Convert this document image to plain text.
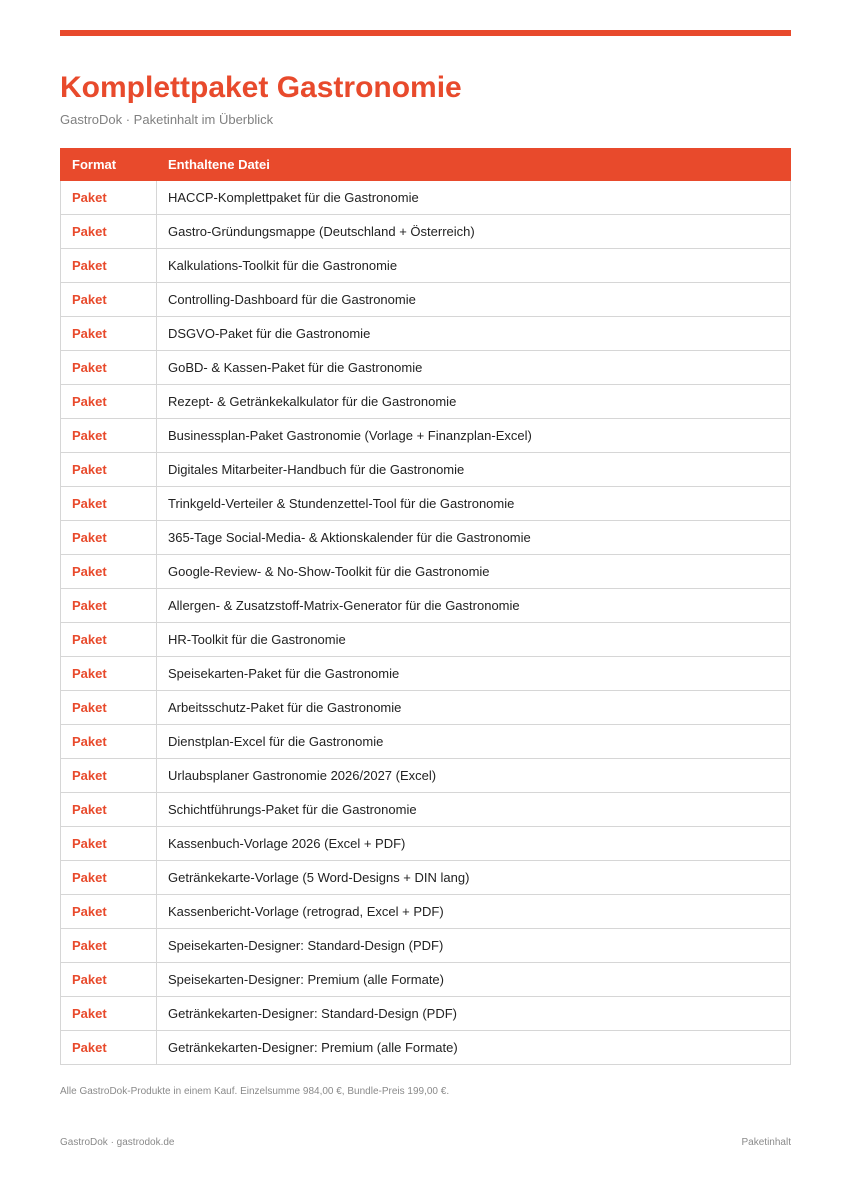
Komplettpaket Gastronomie
GastroDok · Paketinhalt im Überblick
Format	Enthaltene Datei
Paket	HACCP-Komplettpaket für die Gastronomie
Paket	Gastro-Gründungsmappe (Deutschland + Österreich)
Paket	Kalkulations-Toolkit für die Gastronomie
Paket	Controlling-Dashboard für die Gastronomie
Paket	DSGVO-Paket für die Gastronomie
Paket	GoBD- & Kassen-Paket für die Gastronomie
Paket	Rezept- & Getränkekalkulator für die Gastronomie
Paket	Businessplan-Paket Gastronomie (Vorlage + Finanzplan-Excel)
Paket	Digitales Mitarbeiter-Handbuch für die Gastronomie
Paket	Trinkgeld-Verteiler & Stundenzettel-Tool für die Gastronomie
Paket	365-Tage Social-Media- & Aktionskalender für die Gastronomie
Paket	Google-Review- & No-Show-Toolkit für die Gastronomie
Paket	Allergen- & Zusatzstoff-Matrix-Generator für die Gastronomie
Paket	HR-Toolkit für die Gastronomie
Paket	Speisekarten-Paket für die Gastronomie
Paket	Arbeitsschutz-Paket für die Gastronomie
Paket	Dienstplan-Excel für die Gastronomie
Paket	Urlaubsplaner Gastronomie 2026/2027 (Excel)
Paket	Schichtführungs-Paket für die Gastronomie
Paket	Kassenbuch-Vorlage 2026 (Excel + PDF)
Paket	Getränkekarte-Vorlage (5 Word-Designs + DIN lang)
Paket	Kassenbericht-Vorlage (retrograd, Excel + PDF)
Paket	Speisekarten-Designer: Standard-Design (PDF)
Paket	Speisekarten-Designer: Premium (alle Formate)
Paket	Getränkekarten-Designer: Standard-Design (PDF)
Paket	Getränkekarten-Designer: Premium (alle Formate)
Alle GastroDok-Produkte in einem Kauf. Einzelsumme 984,00 €, Bundle-Preis 199,00 €.
GastroDok · gastrodok.de	Paketinhalt
